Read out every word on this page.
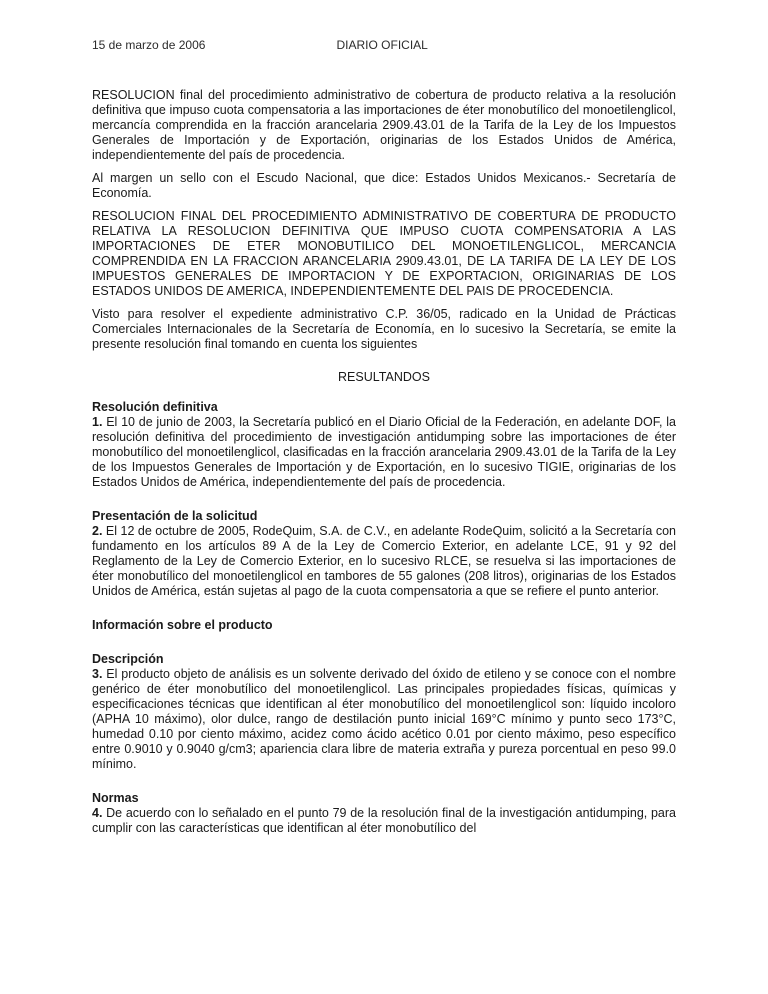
15 de marzo de 2006	DIARIO OFICIAL

RESOLUCION final del procedimiento administrativo de cobertura de producto relativa a la resolución definitiva que impuso cuota compensatoria a las importaciones de éter monobutílico del monoetilenglicol, mercancía comprendida en la fracción arancelaria 2909.43.01 de la Tarifa de la Ley de los Impuestos Generales de Importación y de Exportación, originarias de los Estados Unidos de América, independientemente del país de procedencia.

Al margen un sello con el Escudo Nacional, que dice: Estados Unidos Mexicanos.- Secretaría de Economía.

RESOLUCION FINAL DEL PROCEDIMIENTO ADMINISTRATIVO DE COBERTURA DE PRODUCTO RELATIVA LA RESOLUCION DEFINITIVA QUE IMPUSO CUOTA COMPENSATORIA A LAS IMPORTACIONES DE ETER MONOBUTILICO DEL MONOETILENGLICOL, MERCANCIA COMPRENDIDA EN LA FRACCION ARANCELARIA 2909.43.01, DE LA TARIFA DE LA LEY DE LOS IMPUESTOS GENERALES DE IMPORTACION Y DE EXPORTACION, ORIGINARIAS DE LOS ESTADOS UNIDOS DE AMERICA, INDEPENDIENTEMENTE DEL PAIS DE PROCEDENCIA.

Visto para resolver el expediente administrativo C.P. 36/05, radicado en la Unidad de Prácticas Comerciales Internacionales de la Secretaría de Economía, en lo sucesivo la Secretaría, se emite la presente resolución final tomando en cuenta los siguientes

RESULTANDOS

Resolución definitiva

1. El 10 de junio de 2003, la Secretaría publicó en el Diario Oficial de la Federación, en adelante DOF, la resolución definitiva del procedimiento de investigación antidumping sobre las importaciones de éter monobutílico del monoetilenglicol, clasificadas en la fracción arancelaria 2909.43.01 de la Tarifa de la Ley de los Impuestos Generales de Importación y de Exportación, en lo sucesivo TIGIE, originarias de los Estados Unidos de América, independientemente del país de procedencia.

Presentación de la solicitud

2. El 12 de octubre de 2005, RodeQuim, S.A. de C.V., en adelante RodeQuim, solicitó a la Secretaría con fundamento en los artículos 89 A de la Ley de Comercio Exterior, en adelante LCE, 91 y 92 del Reglamento de la Ley de Comercio Exterior, en lo sucesivo RLCE, se resuelva si las importaciones de éter monobutílico del monoetilenglicol en tambores de 55 galones (208 litros), originarias de los Estados Unidos de América, están sujetas al pago de la cuota compensatoria a que se refiere el punto anterior.

Información sobre el producto
Descripción

3. El producto objeto de análisis es un solvente derivado del óxido de etileno y se conoce con el nombre genérico de éter monobutílico del monoetilenglicol. Las principales propiedades físicas, químicas y especificaciones técnicas que identifican al éter monobutílico del monoetilenglicol son: líquido incoloro (APHA 10 máximo), olor dulce, rango de destilación punto inicial 169°C mínimo y punto seco 173°C, humedad 0.10 por ciento máximo, acidez como ácido acético 0.01 por ciento máximo, peso específico entre 0.9010 y 0.9040 g/cm3; apariencia clara libre de materia extraña y pureza porcentual en peso 99.0 mínimo.

Normas

4. De acuerdo con lo señalado en el punto 79 de la resolución final de la investigación antidumping, para cumplir con las características que identifican al éter monobutílico del
